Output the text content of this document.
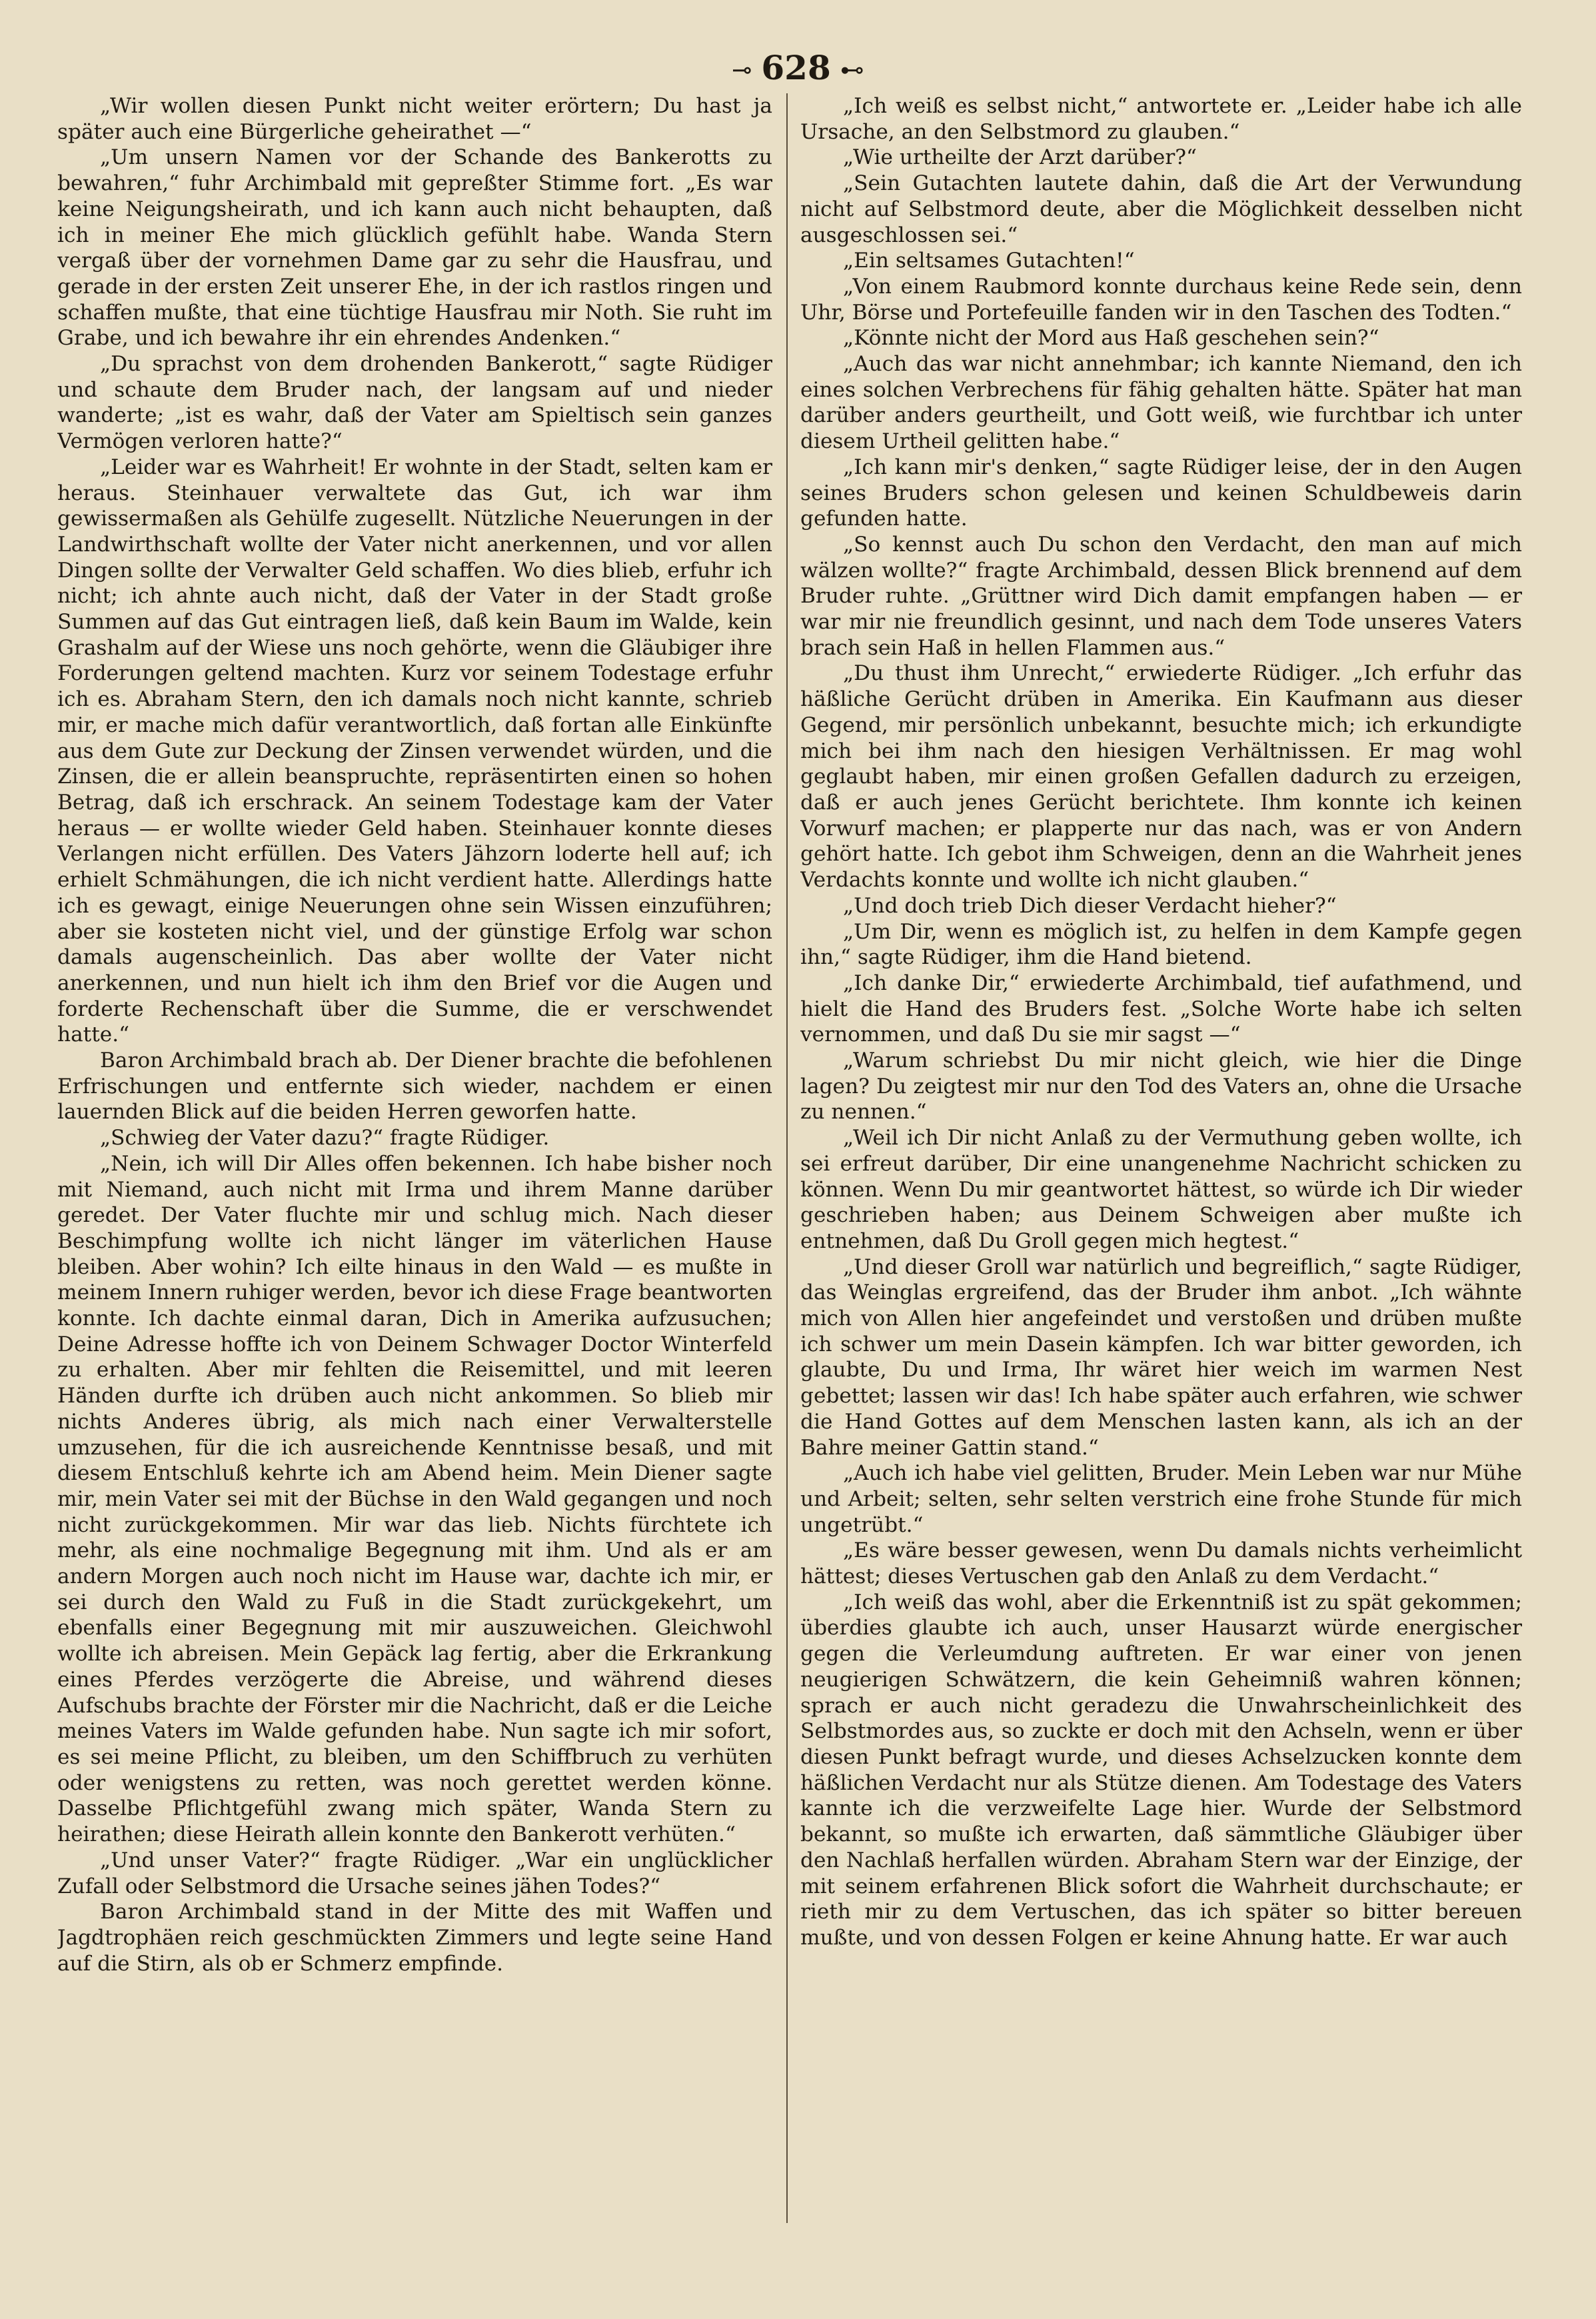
⊸ 628 ⊷

„Wir wollen diesen Punkt nicht weiter erörtern; Du hast ja später auch eine Bürgerliche geheirathet —“

„Um unsern Namen vor der Schande des Bankerotts zu bewahren,“ fuhr Archimbald mit gepreßter Stimme fort. „Es war keine Neigungsheirath, und ich kann auch nicht behaupten, daß ich in meiner Ehe mich glücklich gefühlt habe. Wanda Stern vergaß über der vornehmen Dame gar zu sehr die Hausfrau, und gerade in der ersten Zeit unserer Ehe, in der ich rastlos ringen und schaffen mußte, that eine tüchtige Hausfrau mir Noth. Sie ruht im Grabe, und ich bewahre ihr ein ehrendes Andenken.“

„Du sprachst von dem drohenden Bankerott,“ sagte Rüdiger und schaute dem Bruder nach, der langsam auf und nieder wanderte; „ist es wahr, daß der Vater am Spieltisch sein ganzes Vermögen verloren hatte?“

„Leider war es Wahrheit! Er wohnte in der Stadt, selten kam er heraus. Steinhauer verwaltete das Gut, ich war ihm gewissermaßen als Gehülfe zugesellt. Nützliche Neuerungen in der Landwirthschaft wollte der Vater nicht anerkennen, und vor allen Dingen sollte der Verwalter Geld schaffen. Wo dies blieb, erfuhr ich nicht; ich ahnte auch nicht, daß der Vater in der Stadt große Summen auf das Gut eintragen ließ, daß kein Baum im Walde, kein Grashalm auf der Wiese uns noch gehörte, wenn die Gläubiger ihre Forderungen geltend machten. Kurz vor seinem Todestage erfuhr ich es. Abraham Stern, den ich damals noch nicht kannte, schrieb mir, er mache mich dafür verantwortlich, daß fortan alle Einkünfte aus dem Gute zur Deckung der Zinsen verwendet würden, und die Zinsen, die er allein beanspruchte, repräsentirten einen so hohen Betrag, daß ich erschrack. An seinem Todestage kam der Vater heraus — er wollte wieder Geld haben. Steinhauer konnte dieses Verlangen nicht erfüllen. Des Vaters Jähzorn loderte hell auf; ich erhielt Schmähungen, die ich nicht verdient hatte. Allerdings hatte ich es gewagt, einige Neuerungen ohne sein Wissen einzuführen; aber sie kosteten nicht viel, und der günstige Erfolg war schon damals augenscheinlich. Das aber wollte der Vater nicht anerkennen, und nun hielt ich ihm den Brief vor die Augen und forderte Rechenschaft über die Summe, die er verschwendet hatte.“

Baron Archimbald brach ab. Der Diener brachte die befohlenen Erfrischungen und entfernte sich wieder, nachdem er einen lauernden Blick auf die beiden Herren geworfen hatte.

„Schwieg der Vater dazu?“ fragte Rüdiger.

„Nein, ich will Dir Alles offen bekennen. Ich habe bisher noch mit Niemand, auch nicht mit Irma und ihrem Manne darüber geredet. Der Vater fluchte mir und schlug mich. Nach dieser Beschimpfung wollte ich nicht länger im väterlichen Hause bleiben. Aber wohin? Ich eilte hinaus in den Wald — es mußte in meinem Innern ruhiger werden, bevor ich diese Frage beantworten konnte. Ich dachte einmal daran, Dich in Amerika aufzusuchen; Deine Adresse hoffte ich von Deinem Schwager Doctor Winterfeld zu erhalten. Aber mir fehlten die Reisemittel, und mit leeren Händen durfte ich drüben auch nicht ankommen. So blieb mir nichts Anderes übrig, als mich nach einer Verwalterstelle umzusehen, für die ich ausreichende Kenntnisse besaß, und mit diesem Entschluß kehrte ich am Abend heim. Mein Diener sagte mir, mein Vater sei mit der Büchse in den Wald gegangen und noch nicht zurückgekommen. Mir war das lieb. Nichts fürchtete ich mehr, als eine nochmalige Begegnung mit ihm. Und als er am andern Morgen auch noch nicht im Hause war, dachte ich mir, er sei durch den Wald zu Fuß in die Stadt zurückgekehrt, um ebenfalls einer Begegnung mit mir auszuweichen. Gleichwohl wollte ich abreisen. Mein Gepäck lag fertig, aber die Erkrankung eines Pferdes verzögerte die Abreise, und während dieses Aufschubs brachte der Förster mir die Nachricht, daß er die Leiche meines Vaters im Walde gefunden habe. Nun sagte ich mir sofort, es sei meine Pflicht, zu bleiben, um den Schiffbruch zu verhüten oder wenigstens zu retten, was noch gerettet werden könne. Dasselbe Pflichtgefühl zwang mich später, Wanda Stern zu heirathen; diese Heirath allein konnte den Bankerott verhüten.“

„Und unser Vater?“ fragte Rüdiger. „War ein unglücklicher Zufall oder Selbstmord die Ursache seines jähen Todes?“

Baron Archimbald stand in der Mitte des mit Waffen und Jagdtrophäen reich geschmückten Zimmers und legte seine Hand auf die Stirn, als ob er Schmerz empfinde.

„Ich weiß es selbst nicht,“ antwortete er. „Leider habe ich alle Ursache, an den Selbstmord zu glauben.“

„Wie urtheilte der Arzt darüber?“

„Sein Gutachten lautete dahin, daß die Art der Verwundung nicht auf Selbstmord deute, aber die Möglichkeit desselben nicht ausgeschlossen sei.“

„Ein seltsames Gutachten!“

„Von einem Raubmord konnte durchaus keine Rede sein, denn Uhr, Börse und Portefeuille fanden wir in den Taschen des Todten.“

„Könnte nicht der Mord aus Haß geschehen sein?“

„Auch das war nicht annehmbar; ich kannte Niemand, den ich eines solchen Verbrechens für fähig gehalten hätte. Später hat man darüber anders geurtheilt, und Gott weiß, wie furchtbar ich unter diesem Urtheil gelitten habe.“

„Ich kann mir's denken,“ sagte Rüdiger leise, der in den Augen seines Bruders schon gelesen und keinen Schuldbeweis darin gefunden hatte.

„So kennst auch Du schon den Verdacht, den man auf mich wälzen wollte?“ fragte Archimbald, dessen Blick brennend auf dem Bruder ruhte. „Grüttner wird Dich damit empfangen haben — er war mir nie freundlich gesinnt, und nach dem Tode unseres Vaters brach sein Haß in hellen Flammen aus.“

„Du thust ihm Unrecht,“ erwiederte Rüdiger. „Ich erfuhr das häßliche Gerücht drüben in Amerika. Ein Kaufmann aus dieser Gegend, mir persönlich unbekannt, besuchte mich; ich erkundigte mich bei ihm nach den hiesigen Verhältnissen. Er mag wohl geglaubt haben, mir einen großen Gefallen dadurch zu erzeigen, daß er auch jenes Gerücht berichtete. Ihm konnte ich keinen Vorwurf machen; er plapperte nur das nach, was er von Andern gehört hatte. Ich gebot ihm Schweigen, denn an die Wahrheit jenes Verdachts konnte und wollte ich nicht glauben.“

„Und doch trieb Dich dieser Verdacht hieher?“

„Um Dir, wenn es möglich ist, zu helfen in dem Kampfe gegen ihn,“ sagte Rüdiger, ihm die Hand bietend.

„Ich danke Dir,“ erwiederte Archimbald, tief aufathmend, und hielt die Hand des Bruders fest. „Solche Worte habe ich selten vernommen, und daß Du sie mir sagst —“

„Warum schriebst Du mir nicht gleich, wie hier die Dinge lagen? Du zeigtest mir nur den Tod des Vaters an, ohne die Ursache zu nennen.“

„Weil ich Dir nicht Anlaß zu der Vermuthung geben wollte, ich sei erfreut darüber, Dir eine unangenehme Nachricht schicken zu können. Wenn Du mir geantwortet hättest, so würde ich Dir wieder geschrieben haben; aus Deinem Schweigen aber mußte ich entnehmen, daß Du Groll gegen mich hegtest.“

„Und dieser Groll war natürlich und begreiflich,“ sagte Rüdiger, das Weinglas ergreifend, das der Bruder ihm anbot. „Ich wähnte mich von Allen hier angefeindet und verstoßen und drüben mußte ich schwer um mein Dasein kämpfen. Ich war bitter geworden, ich glaubte, Du und Irma, Ihr wäret hier weich im warmen Nest gebettet; lassen wir das! Ich habe später auch erfahren, wie schwer die Hand Gottes auf dem Menschen lasten kann, als ich an der Bahre meiner Gattin stand.“

„Auch ich habe viel gelitten, Bruder. Mein Leben war nur Mühe und Arbeit; selten, sehr selten verstrich eine frohe Stunde für mich ungetrübt.“

„Es wäre besser gewesen, wenn Du damals nichts verheimlicht hättest; dieses Vertuschen gab den Anlaß zu dem Verdacht.“

„Ich weiß das wohl, aber die Erkenntniß ist zu spät gekommen; überdies glaubte ich auch, unser Hausarzt würde energischer gegen die Verleumdung auftreten. Er war einer von jenen neugierigen Schwätzern, die kein Geheimniß wahren können; sprach er auch nicht geradezu die Unwahrscheinlichkeit des Selbstmordes aus, so zuckte er doch mit den Achseln, wenn er über diesen Punkt befragt wurde, und dieses Achselzucken konnte dem häßlichen Verdacht nur als Stütze dienen. Am Todestage des Vaters kannte ich die verzweifelte Lage hier. Wurde der Selbstmord bekannt, so mußte ich erwarten, daß sämmtliche Gläubiger über den Nachlaß herfallen würden. Abraham Stern war der Einzige, der mit seinem erfahrenen Blick sofort die Wahrheit durchschaute; er rieth mir zu dem Vertuschen, das ich später so bitter bereuen mußte, und von dessen Folgen er keine Ahnung hatte. Er war auch
